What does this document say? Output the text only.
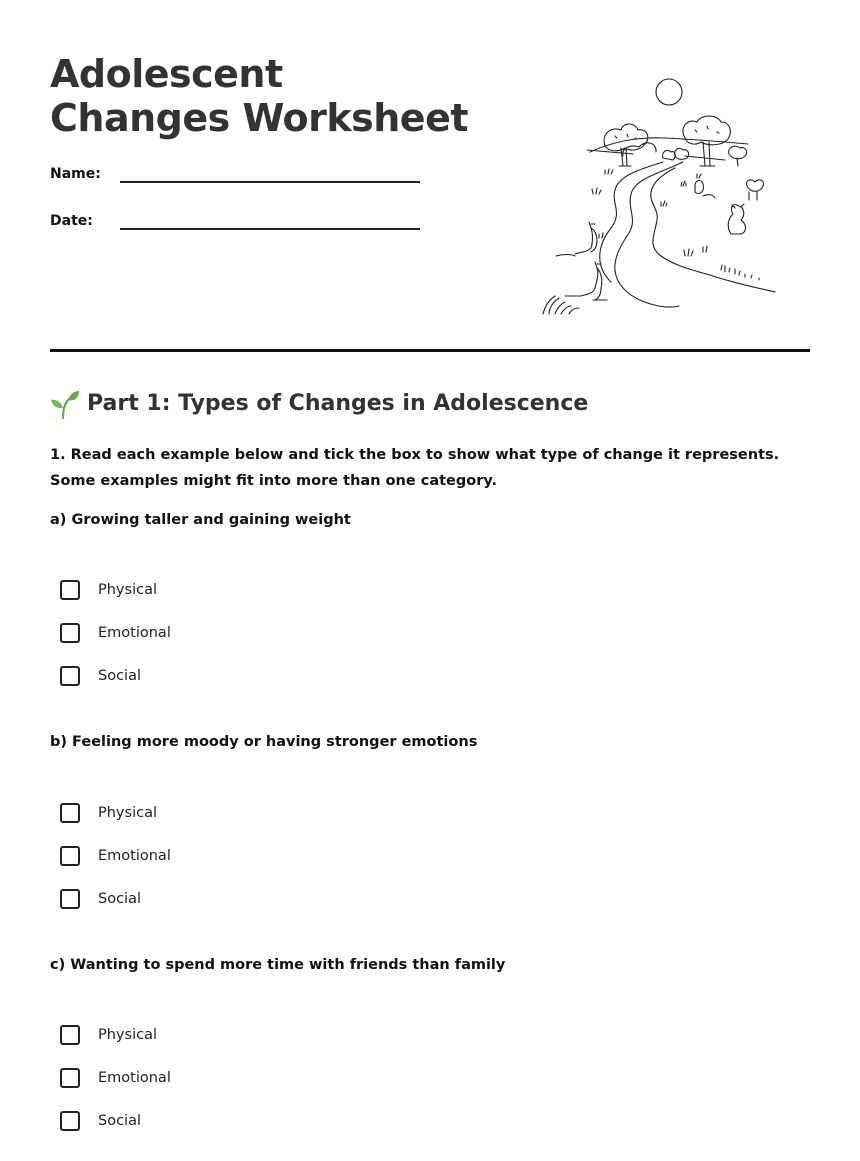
Adolescent Changes Worksheet
Name:
Date:
Part 1: Types of Changes in Adolescence

1. Read each example below and tick the box to show what type of change it represents. Some examples might fit into more than one category.

a) Growing taller and gaining weight

Physical
Emotional
Social

b) Feeling more moody or having stronger emotions

Physical
Emotional
Social

c) Wanting to spend more time with friends than family

Physical
Emotional
Social
